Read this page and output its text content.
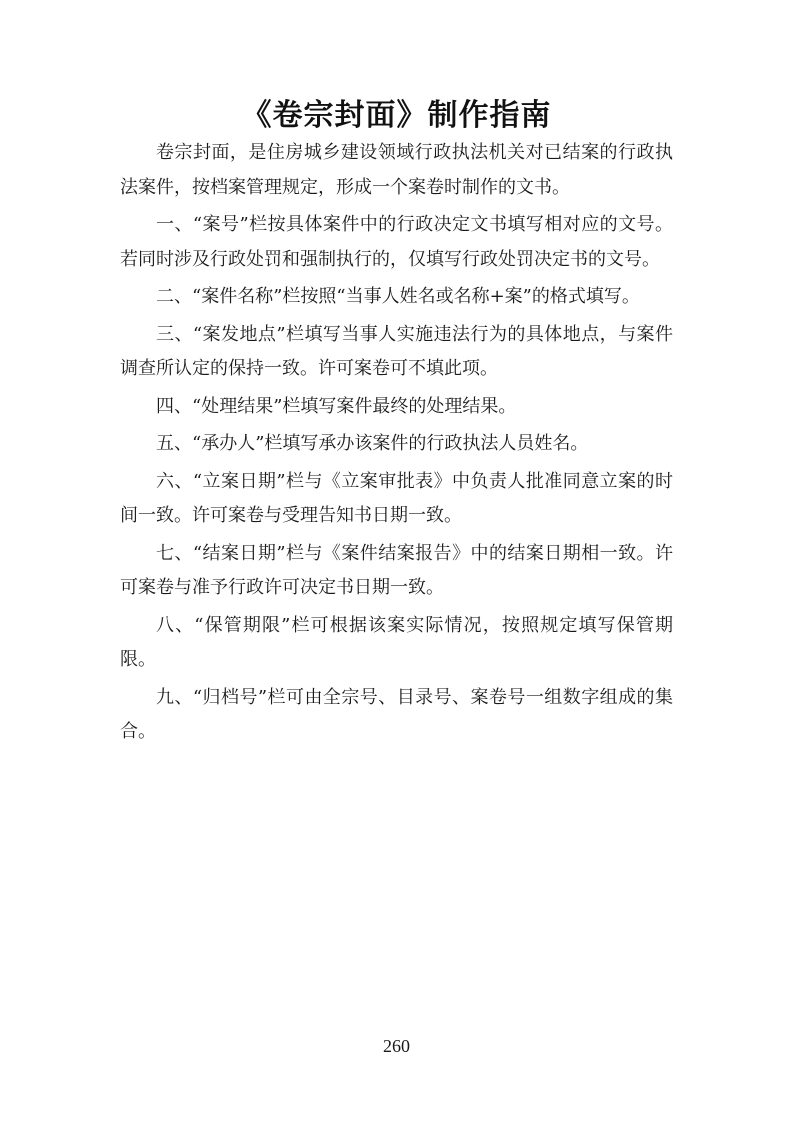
《卷宗封面》制作指南

卷宗封面，是住房城乡建设领域行政执法机关对已结案的行政执法案件，按档案管理规定，形成一个案卷时制作的文书。

一、“案号”栏按具体案件中的行政决定文书填写相对应的文号。若同时涉及行政处罚和强制执行的，仅填写行政处罚决定书的文号。

二、“案件名称”栏按照“当事人姓名或名称+案”的格式填写。

三、“案发地点”栏填写当事人实施违法行为的具体地点，与案件调查所认定的保持一致。许可案卷可不填此项。

四、“处理结果”栏填写案件最终的处理结果。

五、“承办人”栏填写承办该案件的行政执法人员姓名。

六、“立案日期”栏与《立案审批表》中负责人批准同意立案的时间一致。许可案卷与受理告知书日期一致。

七、“结案日期”栏与《案件结案报告》中的结案日期相一致。许可案卷与准予行政许可决定书日期一致。

八、“保管期限”栏可根据该案实际情况，按照规定填写保管期限。

九、“归档号”栏可由全宗号、目录号、案卷号一组数字组成的集合。

260
